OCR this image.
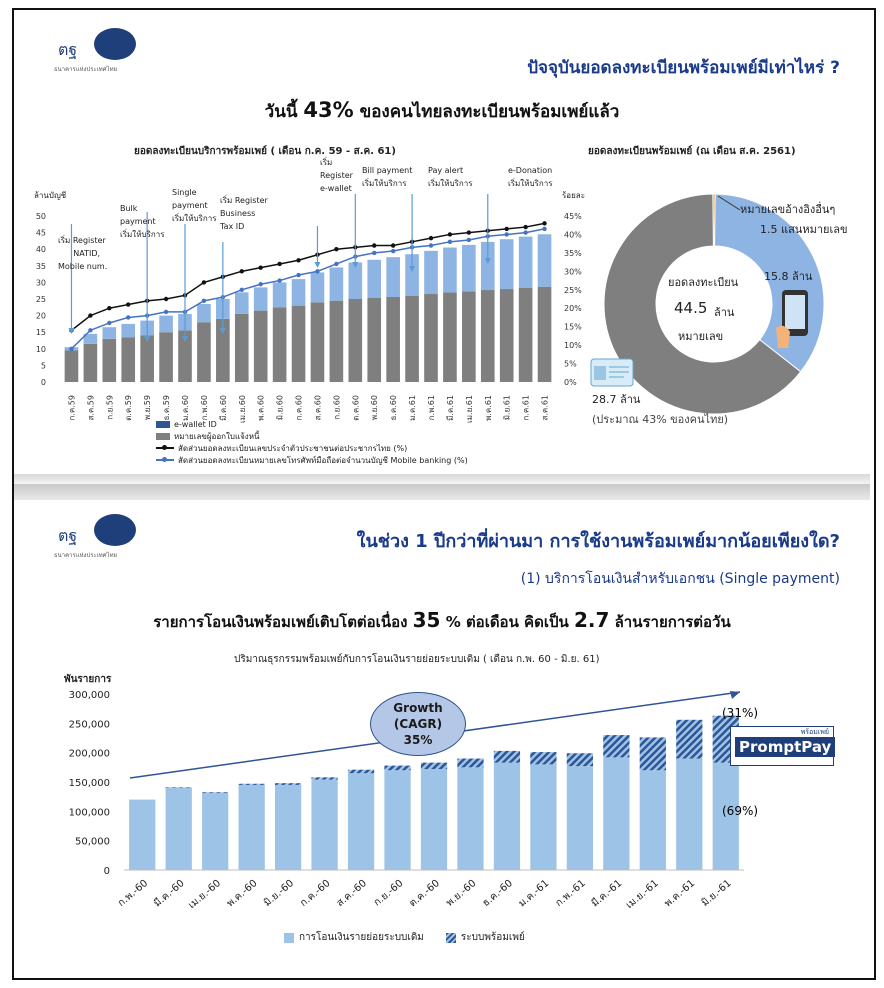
ตฐ
ธนาคารแห่งประเทศไทย	ปัจจุบันยอดลงทะเบียนพร้อมเพย์มีเท่าไหร่ ?
วันนี้ 43% ของคนไทยลงทะเบียนพร้อมเพย์แล้ว
ยอดลงทะเบียนบริการพร้อมเพย์ ( เดือน ก.ค. 59 - ส.ค. 61)	ยอดลงทะเบียนพร้อมเพย์ (ณ เดือน ส.ค. 2561)
ล้านบัญชี	ร้อยละ
0
5
10
15
20
25
30
35
40
45
50
0%
5%
10%
15%
20%
25%
30%
35%
40%
45%
ก.ค.59 ส.ค.59 ก.ย.59 ต.ค.59 พ.ย.59 ธ.ค.59 ม.ค.60 ก.พ.60 มี.ค.60 เม.ย.60 พ.ค.60 มิ.ย.60 ก.ค.60 ส.ค.60 ก.ย.60 ต.ค.60 พ.ย.60 ธ.ค.60 ม.ค.61 ก.พ.61 มี.ค.61 เม.ย.61 พ.ค.61 มิ.ย.61 ก.ค.61 ส.ค.61
เริ่ม Register
NATID,
Mobile num.
Bulk
payment
เริ่มให้บริการ
Single
payment
เริ่มให้บริการ
เริ่ม Register
Business
Tax ID
เริ่ม
Register
e-wallet
Bill payment
เริ่มให้บริการ
Pay alert
เริ่มให้บริการ
e-Donation
เริ่มให้บริการ
e-wallet ID
หมายเลขผู้ออกใบแจ้งหนี้
สัดส่วนยอดลงทะเบียนเลขประจำตัวประชาชนต่อประชากรไทย (%)
สัดส่วนยอดลงทะเบียนหมายเลขโทรศัพท์มือถือต่อจำนวนบัญชี Mobile banking (%)
หมายเลขอ้างอิงอื่นๆ
1.5 แสนหมายเลข
15.8 ล้าน
ยอดลงทะเบียน
44.5 ล้าน
หมายเลข
28.7 ล้าน
(ประมาณ 43% ของคนไทย)
ตฐ
ธนาคารแห่งประเทศไทย
ในช่วง 1 ปีกว่าที่ผ่านมา การใช้งานพร้อมเพย์มากน้อยเพียงใด?
(1) บริการโอนเงินสำหรับเอกชน (Single payment)
รายการโอนเงินพร้อมเพย์เติบโตต่อเนื่อง 35 % ต่อเดือน คิดเป็น 2.7 ล้านรายการต่อวัน
ปริมาณธุรกรรมพร้อมเพย์กับการโอนเงินรายย่อยระบบเดิม ( เดือน ก.พ. 60 - มิ.ย. 61)
พันรายการ
0
50,000
100,000
150,000
200,000
250,000
300,000
ก.พ.-60 มี.ค.-60 เม.ย.-60 พ.ค.-60 มิ.ย.-60 ก.ค.-60 ส.ค.-60 ก.ย.-60 ต.ค.-60 พ.ย.-60 ธ.ค.-60 ม.ค.-61 ก.พ.-61 มี.ค.-61 เม.ย.-61 พ.ค.-61 มิ.ย.-61
Growth
(CAGR)
35%
(31%)
(69%)
พร้อมเพย์
PromptPay
การโอนเงินรายย่อยระบบเดิม	ระบบพร้อมเพย์
